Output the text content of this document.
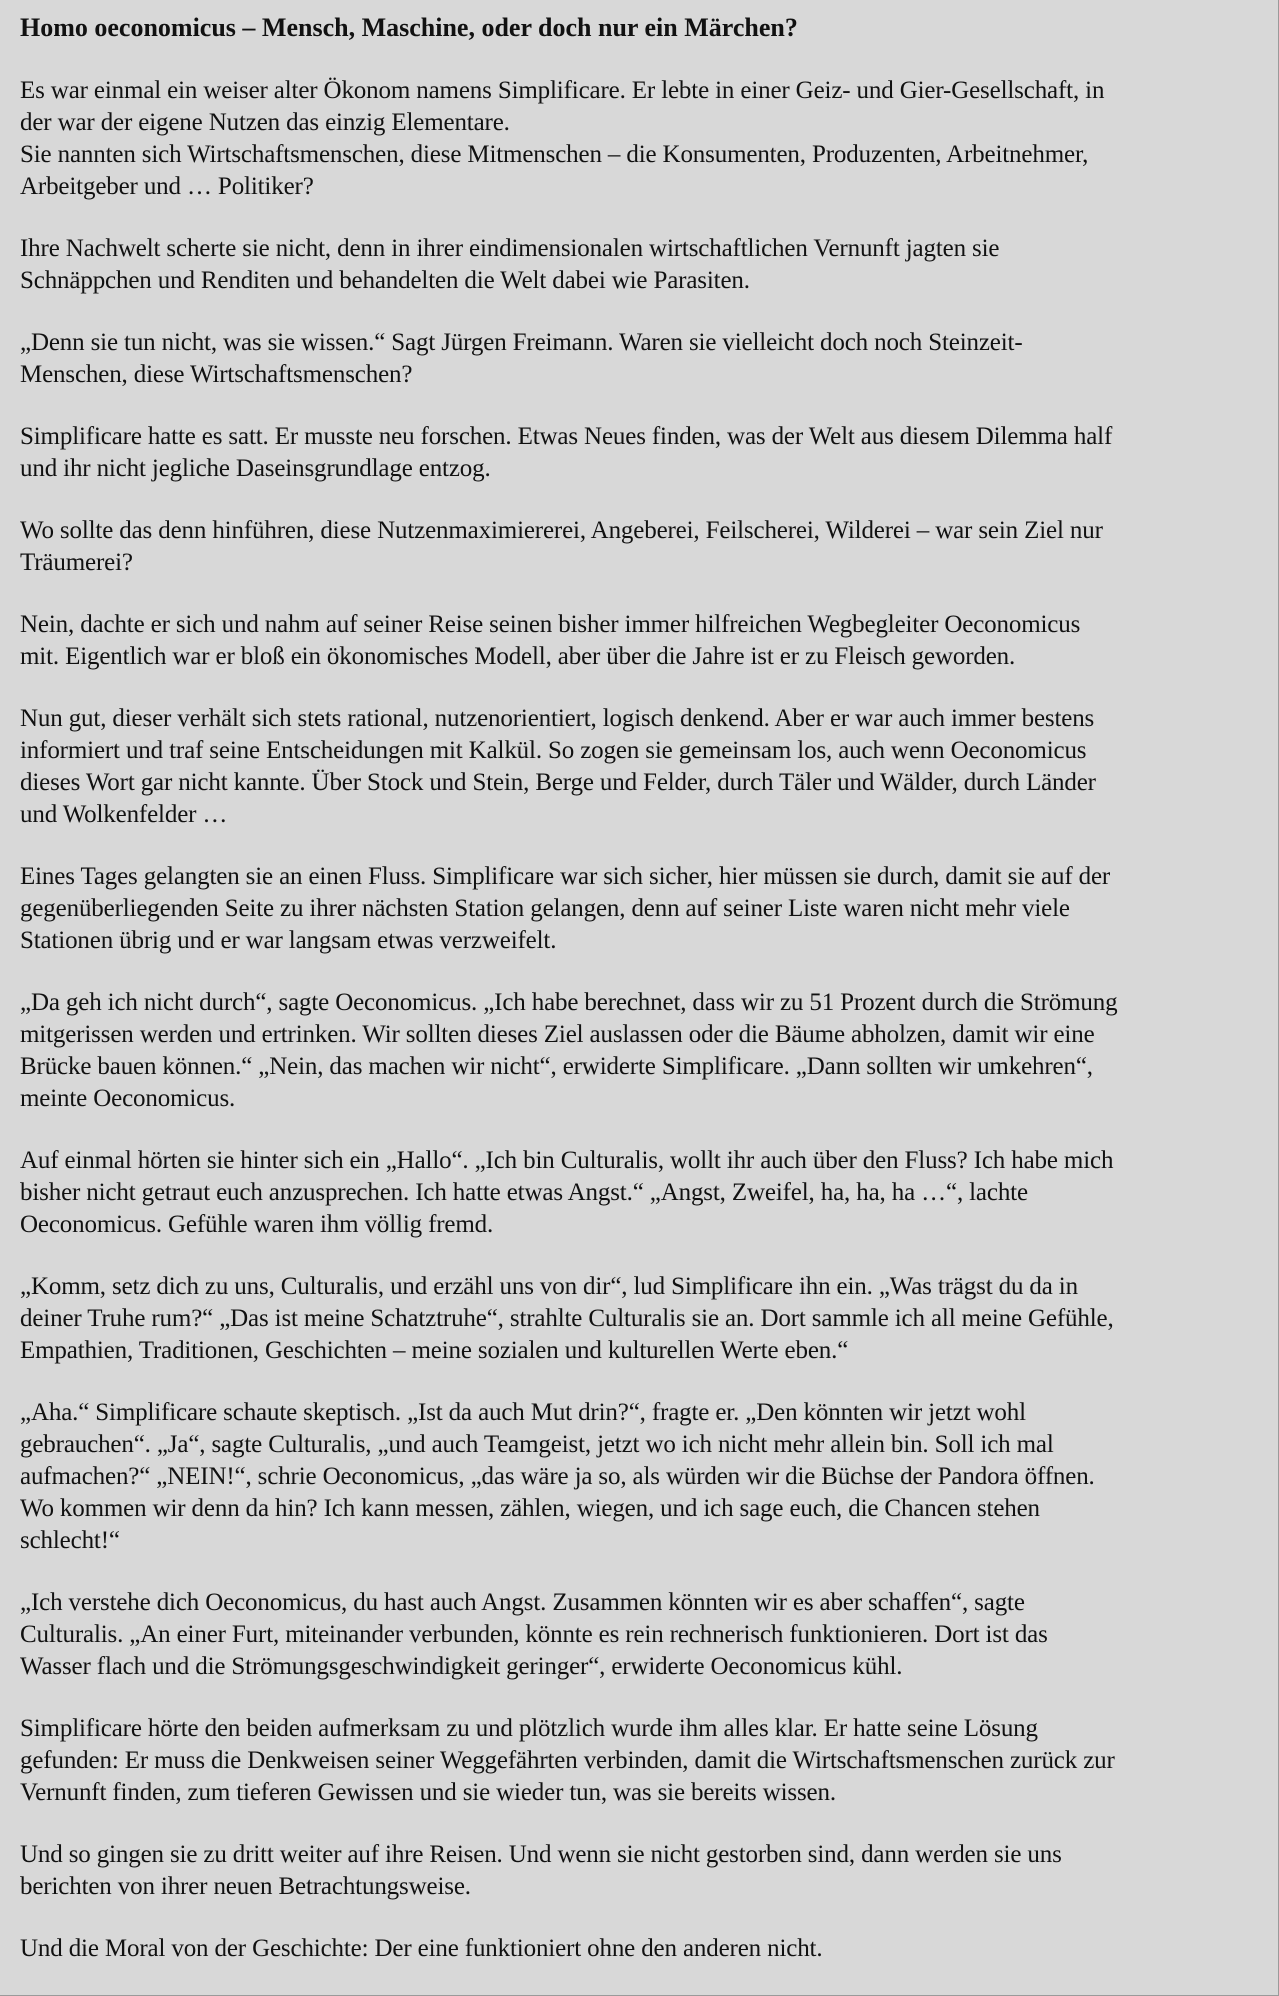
Homo oeconomicus – Mensch, Maschine, oder doch nur ein Märchen?

Es war einmal ein weiser alter Ökonom namens Simplificare. Er lebte in einer Geiz- und Gier-Gesellschaft, in
der war der eigene Nutzen das einzig Elementare.
Sie nannten sich Wirtschaftsmenschen, diese Mitmenschen – die Konsumenten, Produzenten, Arbeitnehmer,
Arbeitgeber und … Politiker?

Ihre Nachwelt scherte sie nicht, denn in ihrer eindimensionalen wirtschaftlichen Vernunft jagten sie
Schnäppchen und Renditen und behandelten die Welt dabei wie Parasiten.

„Denn sie tun nicht, was sie wissen.“ Sagt Jürgen Freimann. Waren sie vielleicht doch noch Steinzeit-
Menschen, diese Wirtschaftsmenschen?

Simplificare hatte es satt. Er musste neu forschen. Etwas Neues finden, was der Welt aus diesem Dilemma half
und ihr nicht jegliche Daseinsgrundlage entzog.

Wo sollte das denn hinführen, diese Nutzenmaximiererei, Angeberei, Feilscherei, Wilderei – war sein Ziel nur
Träumerei?

Nein, dachte er sich und nahm auf seiner Reise seinen bisher immer hilfreichen Wegbegleiter Oeconomicus
mit. Eigentlich war er bloß ein ökonomisches Modell, aber über die Jahre ist er zu Fleisch geworden.

Nun gut, dieser verhält sich stets rational, nutzenorientiert, logisch denkend. Aber er war auch immer bestens
informiert und traf seine Entscheidungen mit Kalkül. So zogen sie gemeinsam los, auch wenn Oeconomicus
dieses Wort gar nicht kannte. Über Stock und Stein, Berge und Felder, durch Täler und Wälder, durch Länder
und Wolkenfelder …

Eines Tages gelangten sie an einen Fluss. Simplificare war sich sicher, hier müssen sie durch, damit sie auf der
gegenüberliegenden Seite zu ihrer nächsten Station gelangen, denn auf seiner Liste waren nicht mehr viele
Stationen übrig und er war langsam etwas verzweifelt.

„Da geh ich nicht durch“, sagte Oeconomicus. „Ich habe berechnet, dass wir zu 51 Prozent durch die Strömung
mitgerissen werden und ertrinken. Wir sollten dieses Ziel auslassen oder die Bäume abholzen, damit wir eine
Brücke bauen können.“ „Nein, das machen wir nicht“, erwiderte Simplificare. „Dann sollten wir umkehren“,
meinte Oeconomicus.

Auf einmal hörten sie hinter sich ein „Hallo“. „Ich bin Culturalis, wollt ihr auch über den Fluss? Ich habe mich
bisher nicht getraut euch anzusprechen. Ich hatte etwas Angst.“ „Angst, Zweifel, ha, ha, ha …“, lachte
Oeconomicus. Gefühle waren ihm völlig fremd.

„Komm, setz dich zu uns, Culturalis, und erzähl uns von dir“, lud Simplificare ihn ein. „Was trägst du da in
deiner Truhe rum?“ „Das ist meine Schatztruhe“, strahlte Culturalis sie an. Dort sammle ich all meine Gefühle,
Empathien, Traditionen, Geschichten – meine sozialen und kulturellen Werte eben.“

„Aha.“ Simplificare schaute skeptisch. „Ist da auch Mut drin?“, fragte er. „Den könnten wir jetzt wohl
gebrauchen“. „Ja“, sagte Culturalis, „und auch Teamgeist, jetzt wo ich nicht mehr allein bin. Soll ich mal
aufmachen?“ „NEIN!“, schrie Oeconomicus, „das wäre ja so, als würden wir die Büchse der Pandora öffnen.
Wo kommen wir denn da hin? Ich kann messen, zählen, wiegen, und ich sage euch, die Chancen stehen
schlecht!“

„Ich verstehe dich Oeconomicus, du hast auch Angst. Zusammen könnten wir es aber schaffen“, sagte
Culturalis. „An einer Furt, miteinander verbunden, könnte es rein rechnerisch funktionieren. Dort ist das
Wasser flach und die Strömungsgeschwindigkeit geringer“, erwiderte Oeconomicus kühl.

Simplificare hörte den beiden aufmerksam zu und plötzlich wurde ihm alles klar. Er hatte seine Lösung
gefunden: Er muss die Denkweisen seiner Weggefährten verbinden, damit die Wirtschaftsmenschen zurück zur
Vernunft finden, zum tieferen Gewissen und sie wieder tun, was sie bereits wissen.

Und so gingen sie zu dritt weiter auf ihre Reisen. Und wenn sie nicht gestorben sind, dann werden sie uns
berichten von ihrer neuen Betrachtungsweise.

Und die Moral von der Geschichte: Der eine funktioniert ohne den anderen nicht.
